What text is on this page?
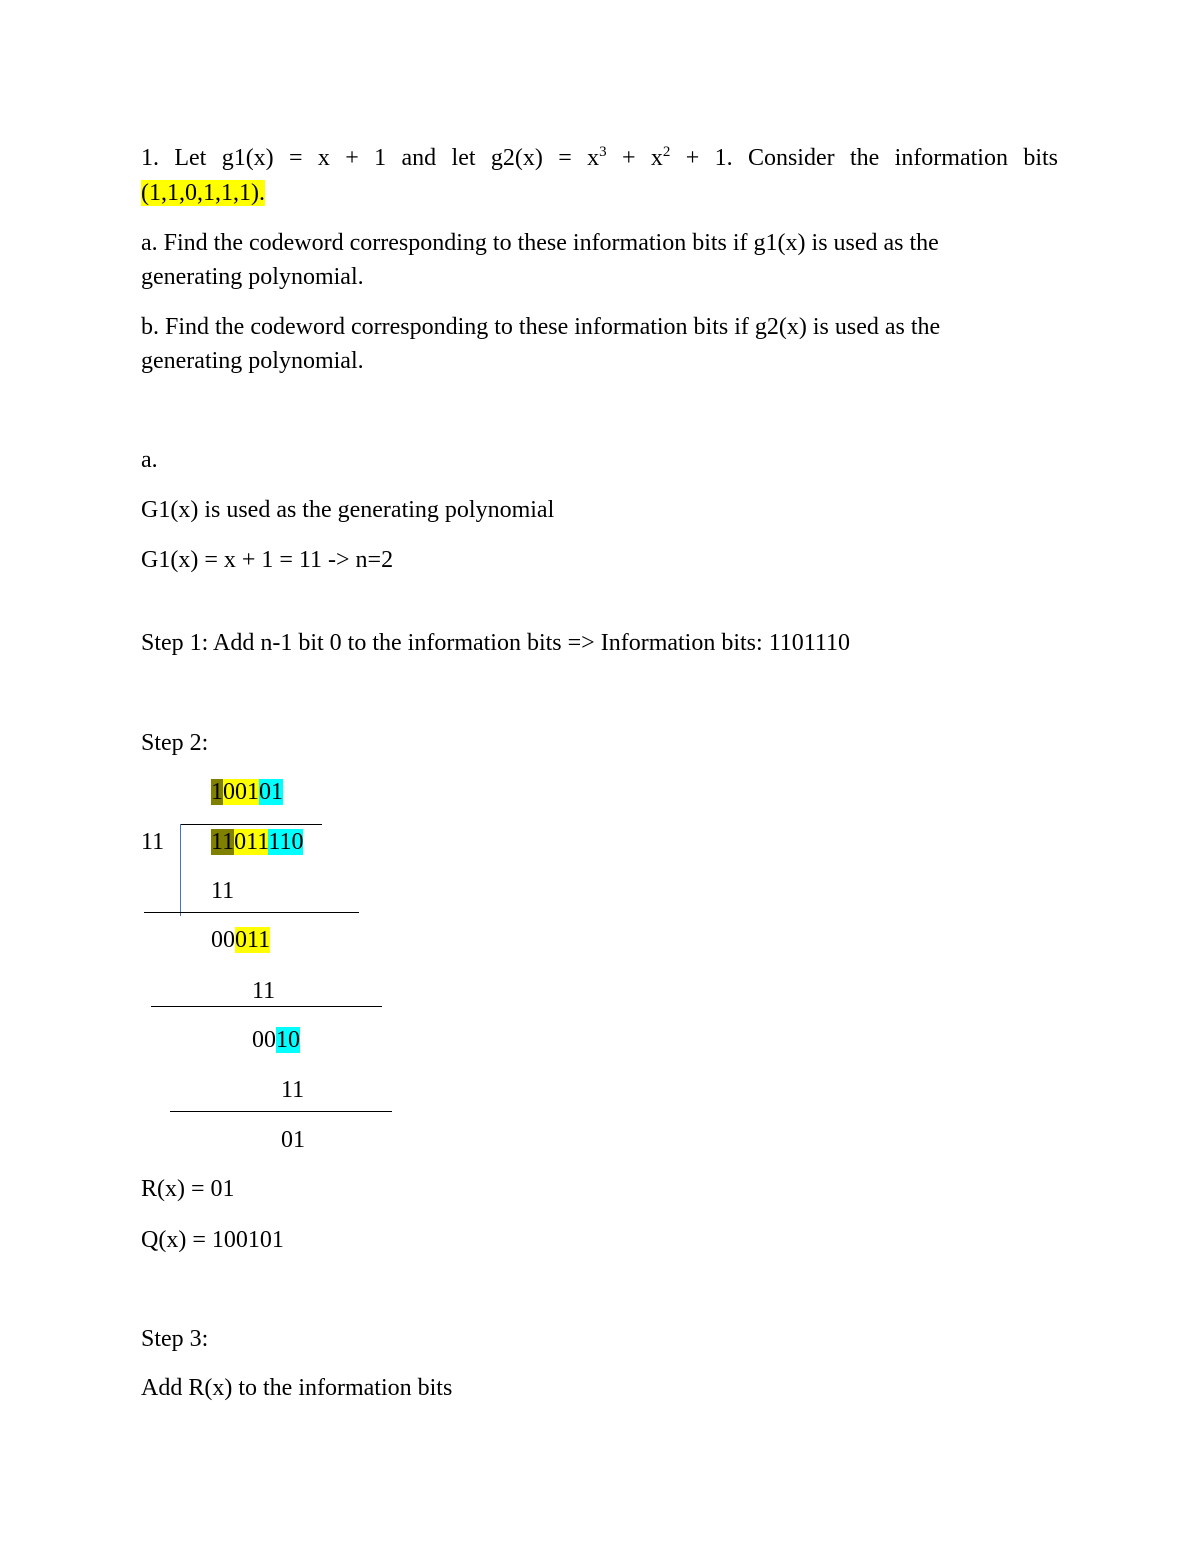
1. Let g1(x) = x + 1 and let $g2(x) = x^3 + x^2 + 1$. Consider the information bits
(1,1,0,1,1,1).
a. Find the codeword corresponding to these information bits if g1(x) is used as the
generating polynomial.
b. Find the codeword corresponding to these information bits if g2(x) is used as the
generating polynomial.
a.
G1(x) is used as the generating polynomial
G1(x) = x + 1 = 11 -> n=2
Step 1: Add n-1 bit 0 to the information bits => Information bits: 1101110
Step 2:
100101
11 11011110
11
00011
11
0010
11
01
R(x) = 01
Q(x) = 100101
Step 3:
Add R(x) to the information bits
